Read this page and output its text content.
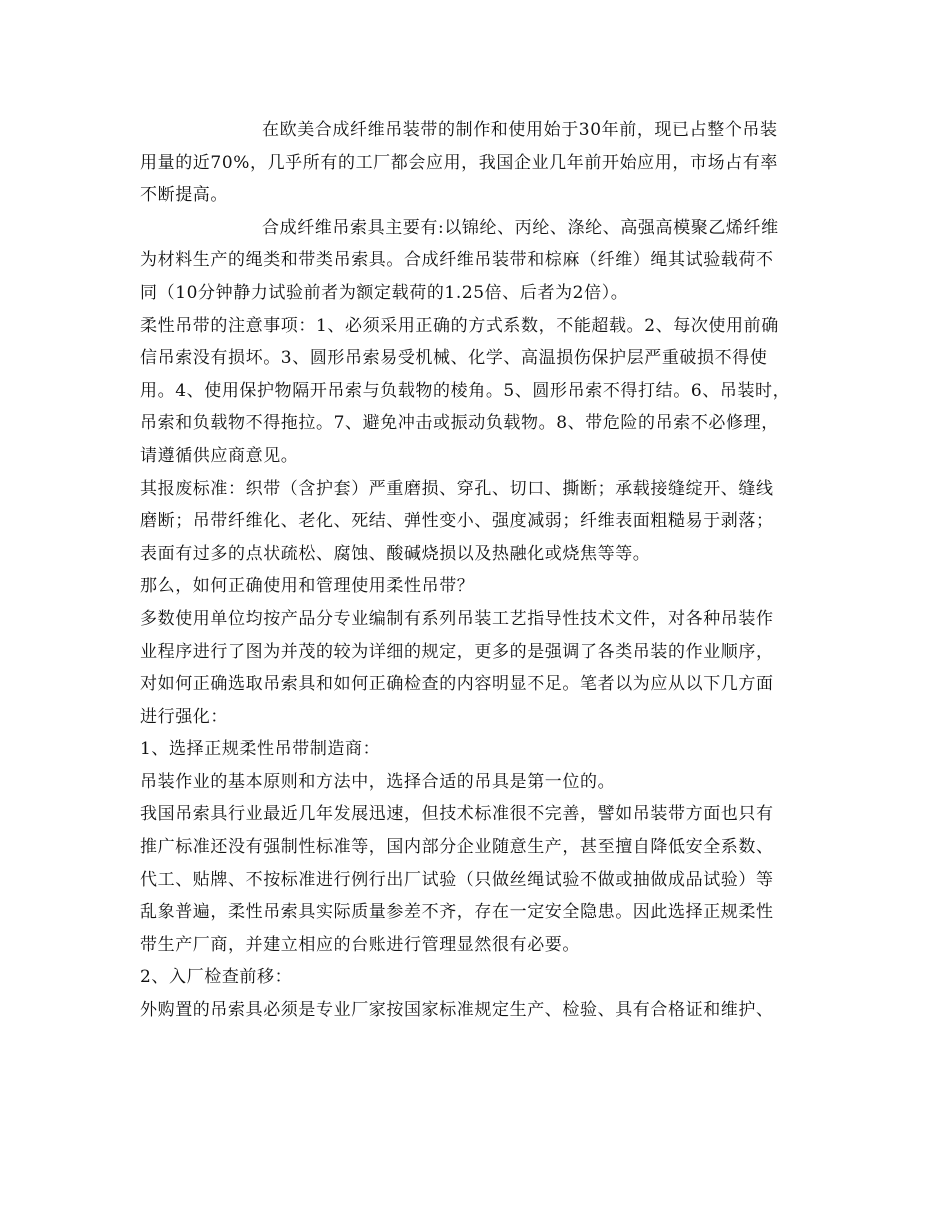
在欧美合成纤维吊装带的制作和使用始于30年前，现已占整个吊装
用量的近70%，几乎所有的工厂都会应用，我国企业几年前开始应用，市场占有率
不断提高。
合成纤维吊索具主要有:以锦纶、丙纶、涤纶、高强高模聚乙烯纤维
为材料生产的绳类和带类吊索具。合成纤维吊装带和棕麻（纤维）绳其试验载荷不
同（10分钟静力试验前者为额定载荷的1.25倍、后者为2倍）。
柔性吊带的注意事项：1、必须采用正确的方式系数，不能超载。2、每次使用前确
信吊索没有损坏。3、圆形吊索易受机械、化学、高温损伤保护层严重破损不得使
用。4、使用保护物隔开吊索与负载物的棱角。5、圆形吊索不得打结。6、吊装时，
吊索和负载物不得拖拉。7、避免冲击或振动负载物。8、带危险的吊索不必修理，
请遵循供应商意见。
其报废标准：织带（含护套）严重磨损、穿孔、切口、撕断；承载接缝绽开、缝线
磨断；吊带纤维化、老化、死结、弹性变小、强度减弱；纤维表面粗糙易于剥落；
表面有过多的点状疏松、腐蚀、酸碱烧损以及热融化或烧焦等等。
那么，如何正确使用和管理使用柔性吊带？
多数使用单位均按产品分专业编制有系列吊装工艺指导性技术文件，对各种吊装作
业程序进行了图为并茂的较为详细的规定，更多的是强调了各类吊装的作业顺序，
对如何正确选取吊索具和如何正确检查的内容明显不足。笔者以为应从以下几方面
进行强化：
1、选择正规柔性吊带制造商：
吊装作业的基本原则和方法中，选择合适的吊具是第一位的。
我国吊索具行业最近几年发展迅速，但技术标准很不完善，譬如吊装带方面也只有
推广标准还没有强制性标准等，国内部分企业随意生产，甚至擅自降低安全系数、
代工、贴牌、不按标准进行例行出厂试验（只做丝绳试验不做或抽做成品试验）等
乱象普遍，柔性吊索具实际质量参差不齐，存在一定安全隐患。因此选择正规柔性
带生产厂商，并建立相应的台账进行管理显然很有必要。
2、入厂检查前移：
外购置的吊索具必须是专业厂家按国家标准规定生产、检验、具有合格证和维护、
